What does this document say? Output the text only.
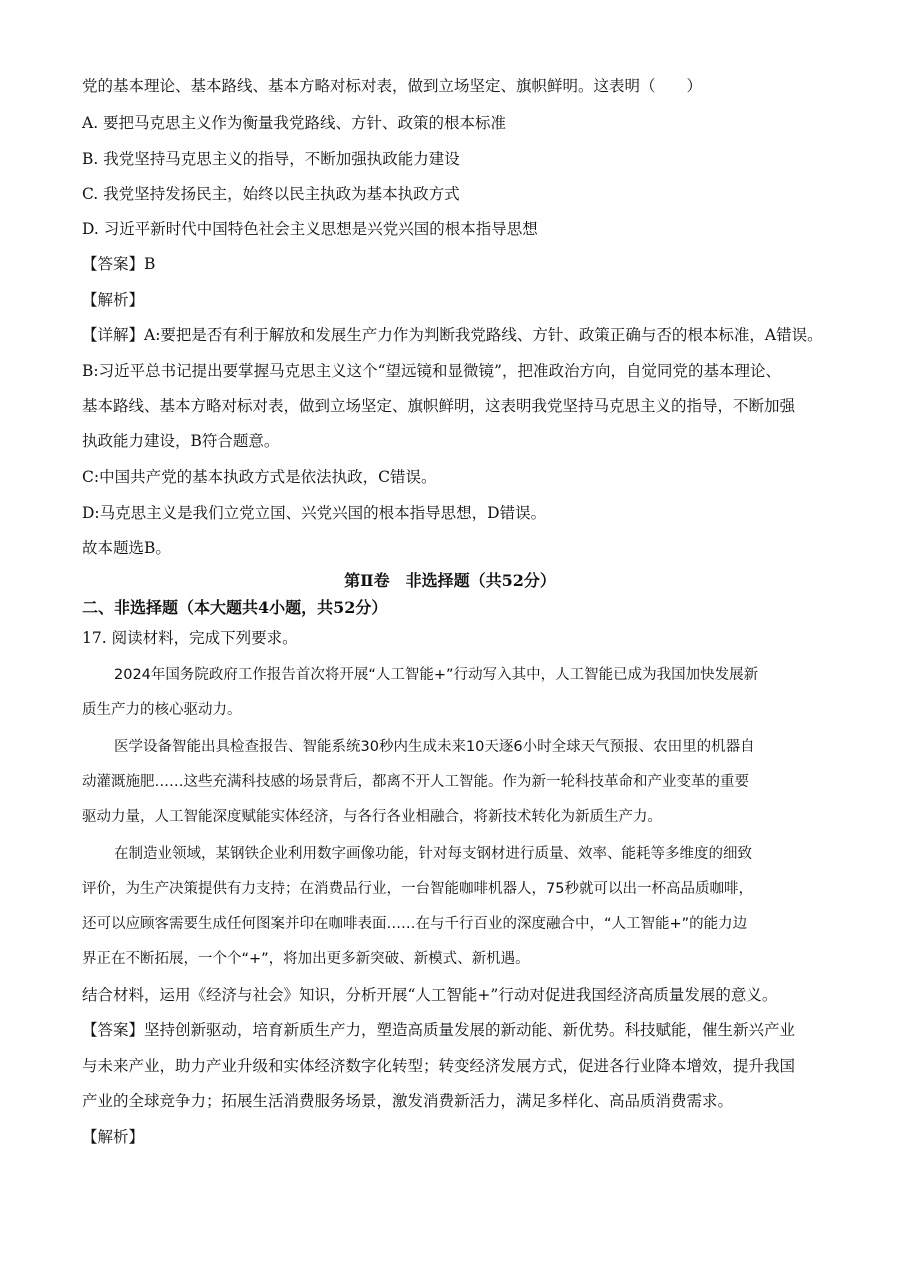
党的基本理论、基本路线、基本方略对标对表，做到立场坚定、旗帜鲜明。这表明（　　）
A. 要把马克思主义作为衡量我党路线、方针、政策的根本标准
B. 我党坚持马克思主义的指导，不断加强执政能力建设
C. 我党坚持发扬民主，始终以民主执政为基本执政方式
D. 习近平新时代中国特色社会主义思想是兴党兴国的根本指导思想
【答案】B
【解析】
【详解】A:要把是否有利于解放和发展生产力作为判断我党路线、方针、政策正确与否的根本标准，A错误。
B:习近平总书记提出要掌握马克思主义这个“望远镜和显微镜”，把准政治方向，自觉同党的基本理论、
基本路线、基本方略对标对表，做到立场坚定、旗帜鲜明，这表明我党坚持马克思主义的指导，不断加强
执政能力建设，B符合题意。
C:中国共产党的基本执政方式是依法执政，C错误。
D:马克思主义是我们立党立国、兴党兴国的根本指导思想，D错误。
故本题选B。
第Ⅱ卷　非选择题（共52分）
二、非选择题（本大题共4小题，共52分）
17. 阅读材料，完成下列要求。
2024年国务院政府工作报告首次将开展“人工智能+”行动写入其中，人工智能已成为我国加快发展新
质生产力的核心驱动力。
医学设备智能出具检查报告、智能系统30秒内生成未来10天逐6小时全球天气预报、农田里的机器自
动灌溉施肥……这些充满科技感的场景背后，都离不开人工智能。作为新一轮科技革命和产业变革的重要
驱动力量，人工智能深度赋能实体经济，与各行各业相融合，将新技术转化为新质生产力。
在制造业领域，某钢铁企业利用数字画像功能，针对每支钢材进行质量、效率、能耗等多维度的细致
评价，为生产决策提供有力支持；在消费品行业，一台智能咖啡机器人，75秒就可以出一杯高品质咖啡，
还可以应顾客需要生成任何图案并印在咖啡表面……在与千行百业的深度融合中，“人工智能+”的能力边
界正在不断拓展，一个个“+”，将加出更多新突破、新模式、新机遇。
结合材料，运用《经济与社会》知识，分析开展“人工智能+”行动对促进我国经济高质量发展的意义。
【答案】坚持创新驱动，培育新质生产力，塑造高质量发展的新动能、新优势。科技赋能，催生新兴产业
与未来产业，助力产业升级和实体经济数字化转型；转变经济发展方式，促进各行业降本增效，提升我国
产业的全球竞争力；拓展生活消费服务场景，激发消费新活力，满足多样化、高品质消费需求。
【解析】
